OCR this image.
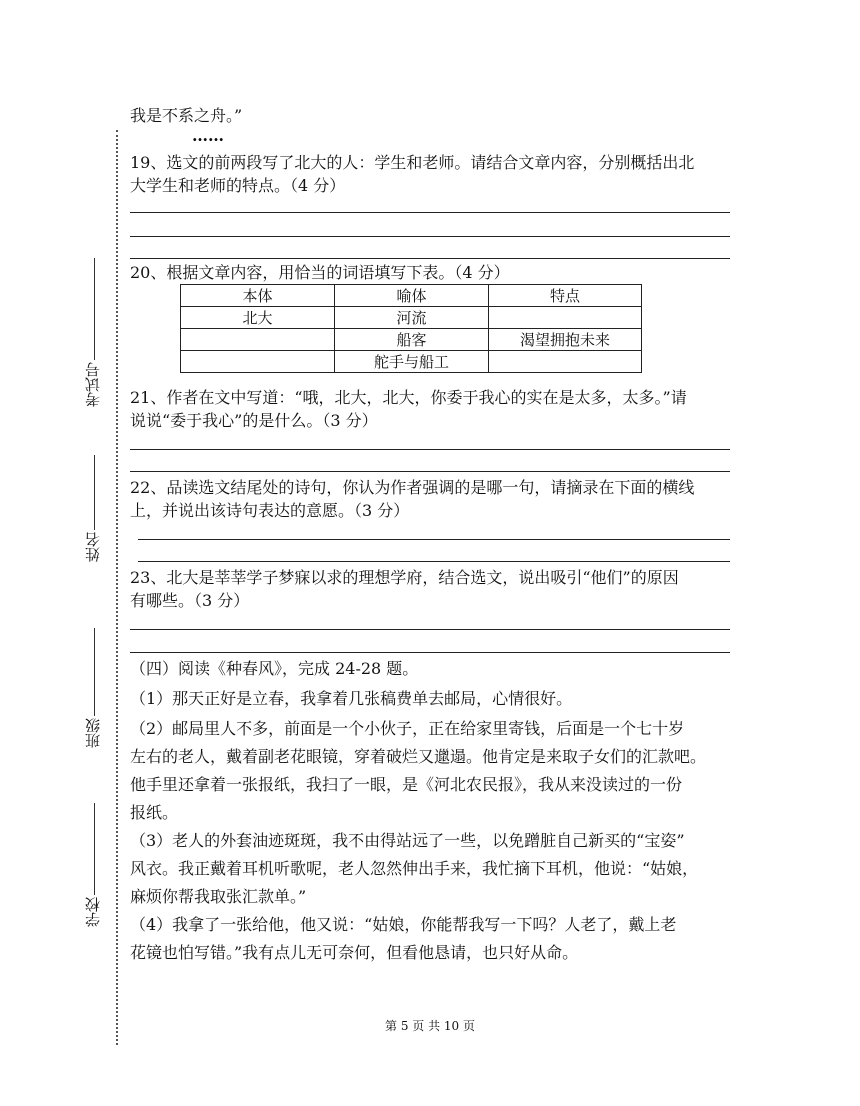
考试号
姓名
班级
学校
我是不系之舟。”
……
19、选文的前两段写了北大的人：学生和老师。请结合文章内容，分别概括出北
大学生和老师的特点。（4 分）
20、根据文章内容，用恰当的词语填写下表。（4 分）
本体	喻体	特点
北大	河流	
	船客	渴望拥抱未来
	舵手与船工	
21、作者在文中写道：“哦，北大，北大，你委于我心的实在是太多，太多。”请
说说“委于我心”的是什么。（3 分）
22、品读选文结尾处的诗句，你认为作者强调的是哪一句，请摘录在下面的横线
上，并说出该诗句表达的意愿。（3 分）
23、北大是莘莘学子梦寐以求的理想学府，结合选文，说出吸引“他们”的原因
有哪些。（3 分）
（四）阅读《种春风》，完成 24-28 题。
（1）那天正好是立春，我拿着几张稿费单去邮局，心情很好。
（2）邮局里人不多，前面是一个小伙子，正在给家里寄钱，后面是一个七十岁
左右的老人，戴着副老花眼镜，穿着破烂又邋遢。他肯定是来取子女们的汇款吧。
他手里还拿着一张报纸，我扫了一眼，是《河北农民报》，我从来没读过的一份
报纸。
（3）老人的外套油迹斑斑，我不由得站远了一些，以免蹭脏自己新买的“宝姿”
风衣。我正戴着耳机听歌呢，老人忽然伸出手来，我忙摘下耳机，他说：“姑娘，
麻烦你帮我取张汇款单。”
（4）我拿了一张给他，他又说：“姑娘，你能帮我写一下吗？人老了，戴上老
花镜也怕写错。”我有点儿无可奈何，但看他恳请，也只好从命。
第 5 页 共 10 页
